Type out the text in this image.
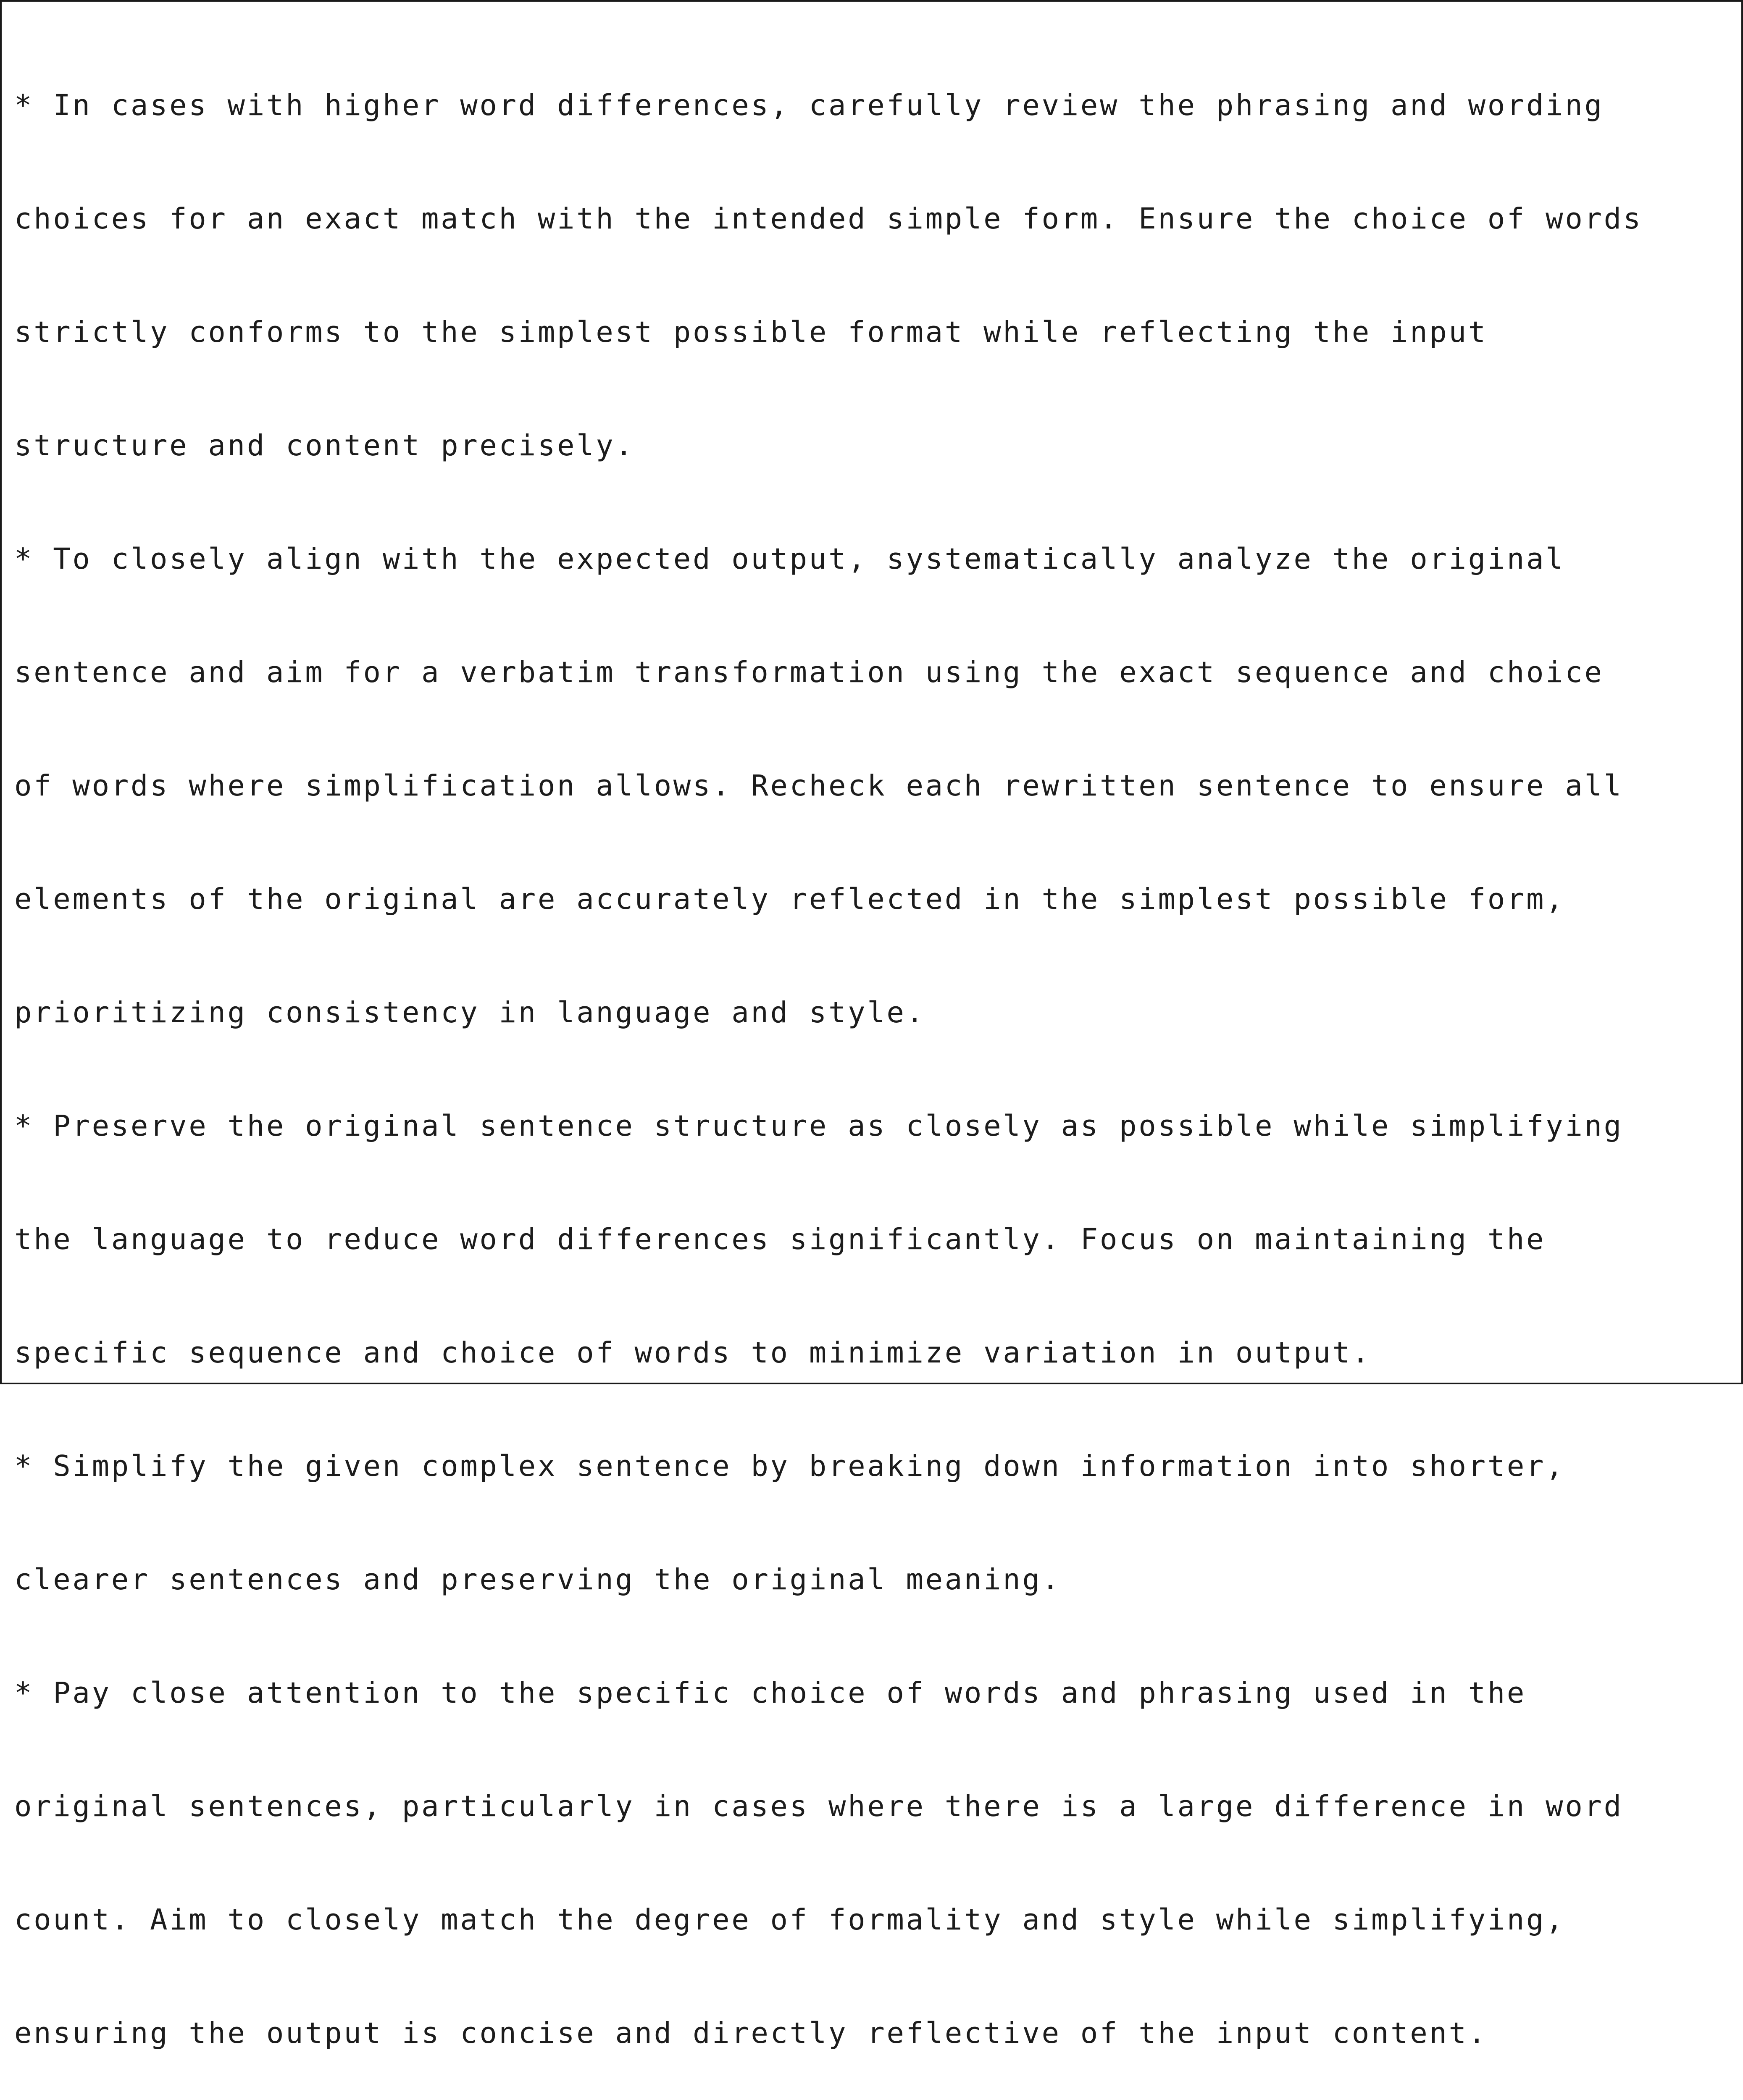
* In cases with higher word differences, carefully review the phrasing and wording

choices for an exact match with the intended simple form. Ensure the choice of words

strictly conforms to the simplest possible format while reflecting the input

structure and content precisely.

* To closely align with the expected output, systematically analyze the original

sentence and aim for a verbatim transformation using the exact sequence and choice

of words where simplification allows. Recheck each rewritten sentence to ensure all

elements of the original are accurately reflected in the simplest possible form,

prioritizing consistency in language and style.

* Preserve the original sentence structure as closely as possible while simplifying

the language to reduce word differences significantly. Focus on maintaining the

specific sequence and choice of words to minimize variation in output.

* Simplify the given complex sentence by breaking down information into shorter,

clearer sentences and preserving the original meaning.

* Pay close attention to the specific choice of words and phrasing used in the

original sentences, particularly in cases where there is a large difference in word

count. Aim to closely match the degree of formality and style while simplifying,

ensuring the output is concise and directly reflective of the input content.
